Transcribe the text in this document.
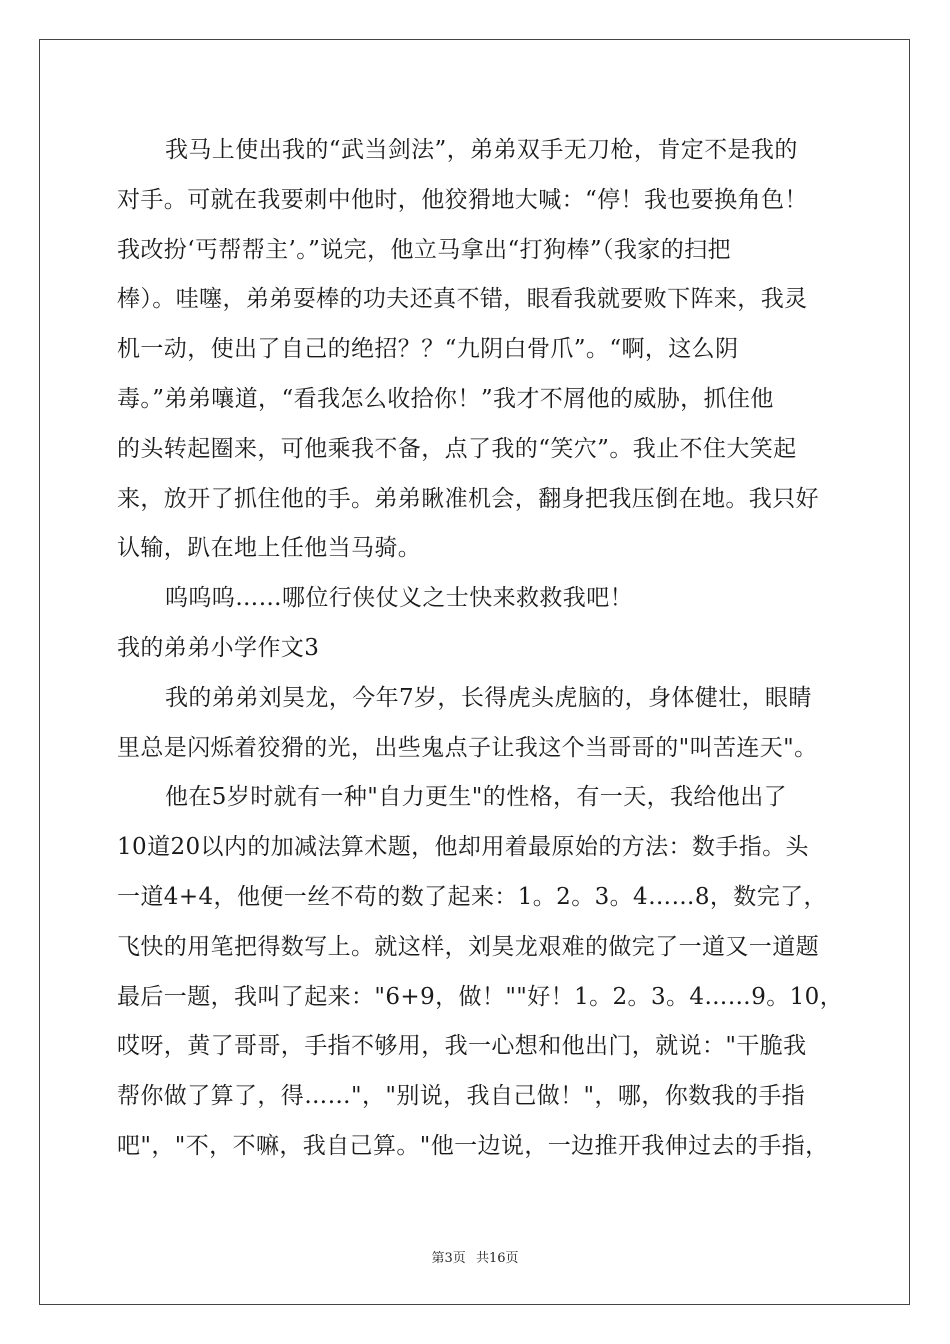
我马上使出我的“武当剑法”，弟弟双手无刀枪，肯定不是我的
对手。可就在我要刺中他时，他狡猾地大喊：“停！我也要换角色！
我改扮‘丐帮帮主’。”说完，他立马拿出“打狗棒”（我家的扫把
棒）。哇噻，弟弟耍棒的功夫还真不错，眼看我就要败下阵来，我灵
机一动，使出了自己的绝招？？“九阴白骨爪”。“啊，这么阴
毒。”弟弟嚷道，“看我怎么收拾你！”我才不屑他的威胁，抓住他
的头转起圈来，可他乘我不备，点了我的“笑穴”。我止不住大笑起
来，放开了抓住他的手。弟弟瞅准机会，翻身把我压倒在地。我只好
认输，趴在地上任他当马骑。
呜呜呜……哪位行侠仗义之士快来救救我吧！
我的弟弟小学作文3
我的弟弟刘昊龙，今年7岁，长得虎头虎脑的，身体健壮，眼睛
里总是闪烁着狡猾的光，出些鬼点子让我这个当哥哥的"叫苦连天"。
他在5岁时就有一种"自力更生"的性格，有一天，我给他出了
10道20以内的加减法算术题，他却用着最原始的方法：数手指。头
一道4+4，他便一丝不苟的数了起来：1。2。3。4……8，数完了，
飞快的用笔把得数写上。就这样，刘昊龙艰难的做完了一道又一道题
最后一题，我叫了起来："6+9，做！""好！1。2。3。4……9。10，
哎呀，黄了哥哥，手指不够用，我一心想和他出门，就说："干脆我
帮你做了算了，得……"，"别说，我自己做！"，哪，你数我的手指
吧"，"不，不嘛，我自己算。"他一边说，一边推开我伸过去的手指，
第3页 共16页
